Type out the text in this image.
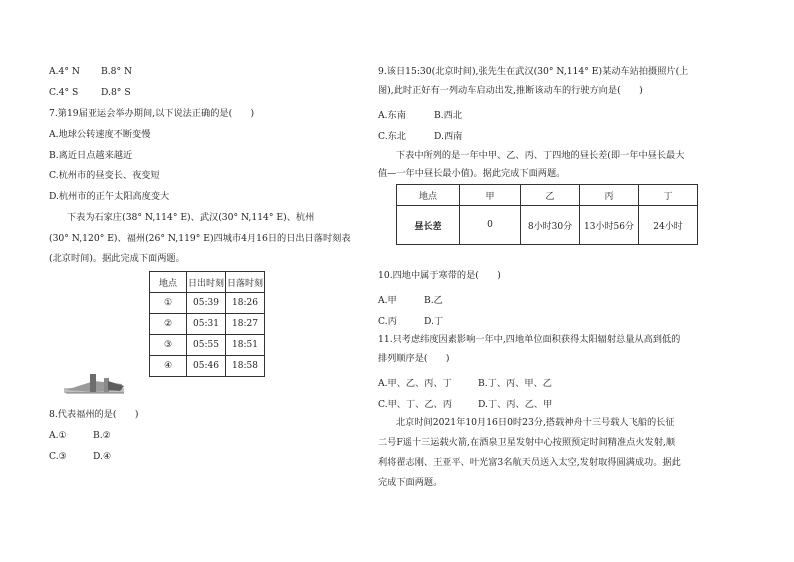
A.4° N B.8° N
C.4° S D.8° S
7.第19届亚运会举办期间,以下说法正确的是(　　)
A.地球公转速度不断变慢
B.离近日点越来越近
C.杭州市的昼变长、夜变短
D.杭州市的正午太阳高度变大
下表为石家庄(38° N,114° E)、武汉(30° N,114° E)、杭州
(30° N,120° E)、福州(26° N,119° E)四城市4月16日的日出日落时刻表
(北京时间)。据此完成下面两题。
地点	日出时刻	日落时刻
①	05:39	18:26
②	05:31	18:27
③	05:55	18:51
④	05:46	18:58
8.代表福州的是(　　)
A.①	B.②
C.③	D.④
9.该日15:30(北京时间),张先生在武汉(30° N,114° E)某动车站拍摄照片(上
图),此时正好有一列动车启动出发,推断该动车的行驶方向是(　　)
A.东南	B.西北
C.东北	D.西南
下表中所列的是一年中甲、乙、丙、丁四地的昼长差(即一年中昼长最大
值—一年中昼长最小值)。据此完成下面两题。
地点	甲	乙	丙	丁
昼长差	0	8小时30分	13小时56分	24小时
10.四地中属于寒带的是(　　)
A.甲	B.乙
C.丙	D.丁
11.只考虑纬度因素影响一年中,四地单位面积获得太阳辐射总量从高到低的
排列顺序是(　　)
A.甲、乙、丙、丁	B.丁、丙、甲、乙
C.甲、丁、乙、丙	D.丁、丙、乙、甲
北京时间2021年10月16日0时23分,搭载神舟十三号载人飞船的长征
二号F遥十三运载火箭,在酒泉卫星发射中心按照预定时间精准点火发射,顺
利将翟志刚、王亚平、叶光富3名航天员送入太空,发射取得圆满成功。据此
完成下面两题。
